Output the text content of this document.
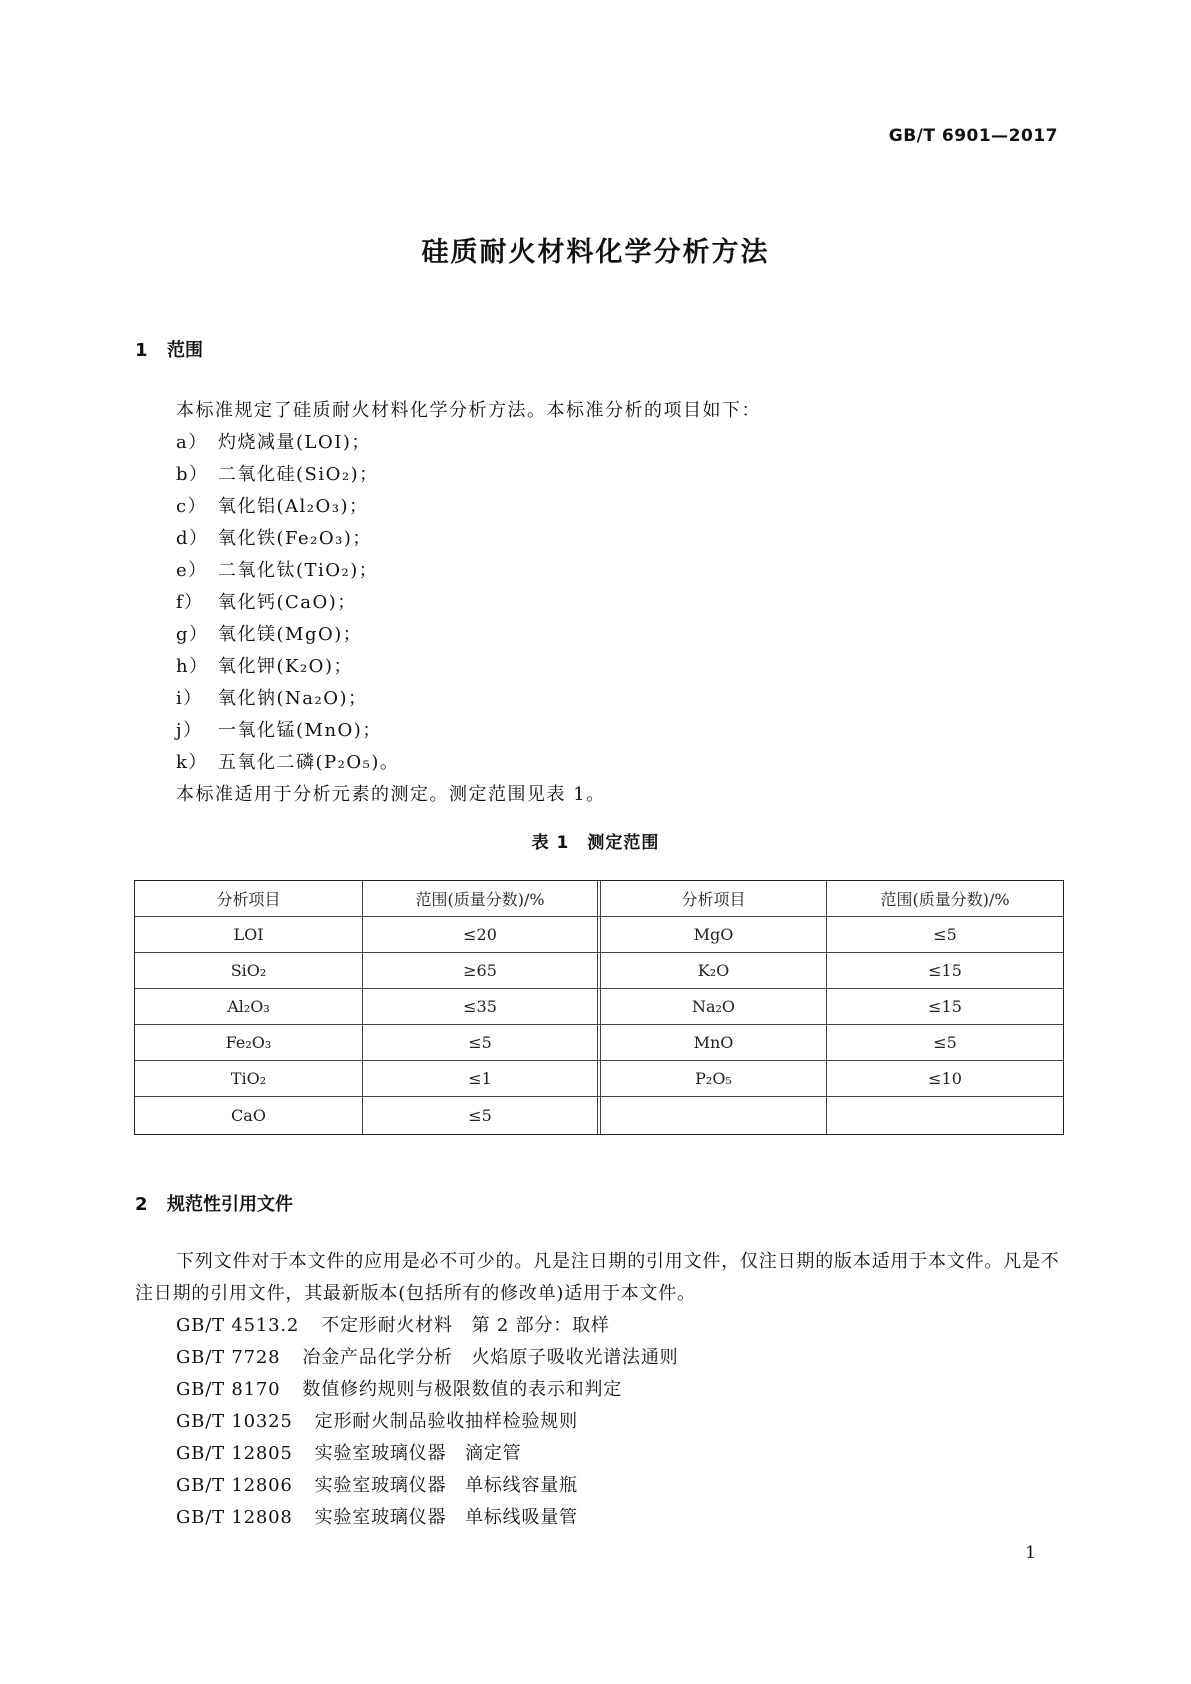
GB/T 6901—2017
硅质耐火材料化学分析方法
1 范围
本标准规定了硅质耐火材料化学分析方法。本标准分析的项目如下：
a） 灼烧减量(LOI)；
b） 二氧化硅(SiO₂)；
c） 氧化铝(Al₂O₃)；
d） 氧化铁(Fe₂O₃)；
e） 二氧化钛(TiO₂)；
f） 氧化钙(CaO)；
g） 氧化镁(MgO)；
h） 氧化钾(K₂O)；
i） 氧化钠(Na₂O)；
j） 一氧化锰(MnO)；
k） 五氧化二磷(P₂O₅)。
本标准适用于分析元素的测定。测定范围见表 1。
表 1　测定范围
分析项目	范围(质量分数)/%	分析项目	范围(质量分数)/%
LOI	≤20	MgO	≤5
SiO₂	≥65	K₂O	≤15
Al₂O₃	≤35	Na₂O	≤15
Fe₂O₃	≤5	MnO	≤5
TiO₂	≤1	P₂O₅	≤10
CaO	≤5
2 规范性引用文件
下列文件对于本文件的应用是必不可少的。凡是注日期的引用文件，仅注日期的版本适用于本文件。凡是不注日期的引用文件，其最新版本(包括所有的修改单)适用于本文件。
GB/T 4513.2 不定形耐火材料　第 2 部分：取样
GB/T 7728 冶金产品化学分析　火焰原子吸收光谱法通则
GB/T 8170 数值修约规则与极限数值的表示和判定
GB/T 10325 定形耐火制品验收抽样检验规则
GB/T 12805 实验室玻璃仪器　滴定管
GB/T 12806 实验室玻璃仪器　单标线容量瓶
GB/T 12808 实验室玻璃仪器　单标线吸量管
1
